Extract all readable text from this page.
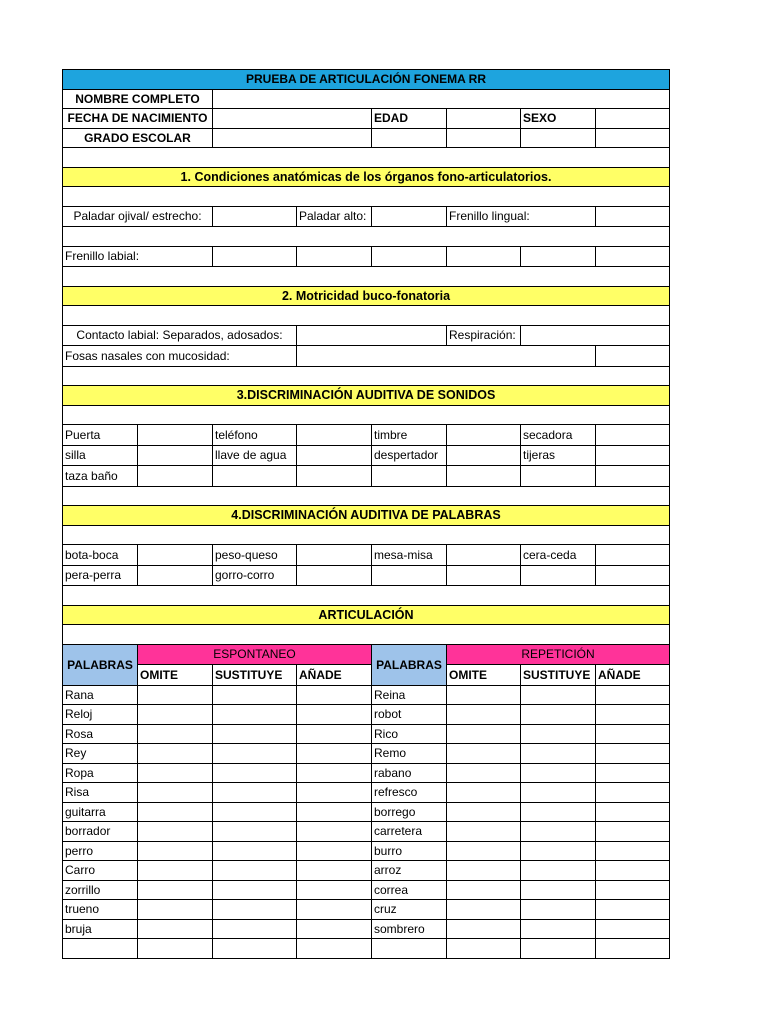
PRUEBA DE ARTICULACIÓN FONEMA RR							
NOMBRE COMPLETO							
FECHA DE NACIMIENTO				EDAD		SEXO	
GRADO ESCOLAR							

1. Condiciones anatómicas de los órganos fono-articulatorios.							

Paladar ojival/ estrecho:			Paladar alto:		Frenillo lingual:		

Frenillo labial:							

2. Motricidad buco-fonatoria							

Contacto labial: Separados, adosados:					Respiración:		
Fosas nasales con mucosidad:							

3.DISCRIMINACIÓN AUDITIVA DE SONIDOS							

Puerta		teléfono		timbre		secadora	
silla		llave de agua		despertador		tijeras	
taza baño							

4.DISCRIMINACIÓN AUDITIVA DE PALABRAS							

bota-boca		peso-queso		mesa-misa		cera-ceda	
pera-perra		gorro-corro					

ARTICULACIÓN							

PALABRAS	ESPONTANEO			PALABRAS	REPETICIÓN		
	OMITE	SUSTITUYE	AÑADE		OMITE	SUSTITUYE	AÑADE
Rana				Reina			
Reloj				robot			
Rosa				Rico			
Rey				Remo			
Ropa				rabano			
Risa				refresco			
guitarra				borrego			
borrador				carretera			
perro				burro			
Carro				arroz			
zorrillo				correa			
trueno				cruz			
bruja				sombrero			
